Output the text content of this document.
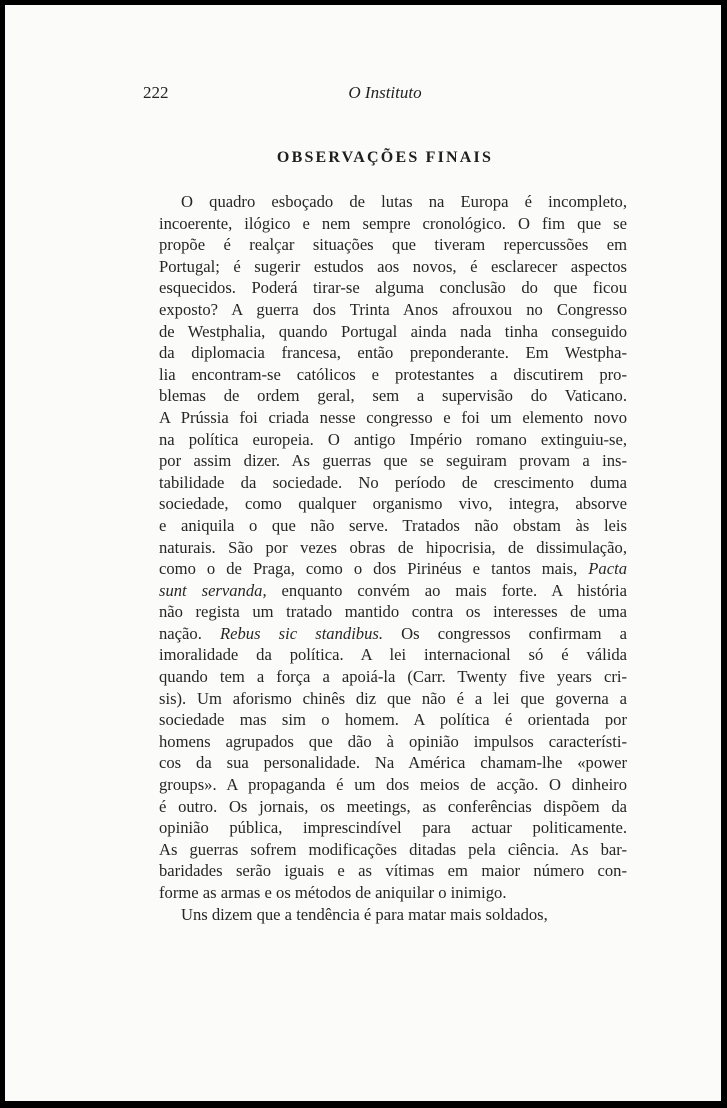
222	O Instituto
OBSERVAÇÕES FINAIS
O quadro esboçado de lutas na Europa é incompleto,
incoerente, ilógico e nem sempre cronológico. O fim que se
propõe é realçar situações que tiveram repercussões em
Portugal; é sugerir estudos aos novos, é esclarecer aspectos
esquecidos. Poderá tirar-se alguma conclusão do que ficou
exposto? A guerra dos Trinta Anos afrouxou no Congresso
de Westphalia, quando Portugal ainda nada tinha conseguido
da diplomacia francesa, então preponderante. Em Westpha-
lia encontram-se católicos e protestantes a discutirem pro-
blemas de ordem geral, sem a supervisão do Vaticano.
A Prússia foi criada nesse congresso e foi um elemento novo
na política europeia. O antigo Império romano extinguiu-se,
por assim dizer. As guerras que se seguiram provam a ins-
tabilidade da sociedade. No período de crescimento duma
sociedade, como qualquer organismo vivo, integra, absorve
e aniquila o que não serve. Tratados não obstam às leis
naturais. São por vezes obras de hipocrisia, de dissimulação,
como o de Praga, como o dos Pirinéus e tantos mais, Pacta
sunt servanda, enquanto convém ao mais forte. A história
não regista um tratado mantido contra os interesses de uma
nação. Rebus sic standibus. Os congressos confirmam a
imoralidade da política. A lei internacional só é válida
quando tem a força a apoiá-la (Carr. Twenty five years cri-
sis). Um aforismo chinês diz que não é a lei que governa a
sociedade mas sim o homem. A política é orientada por
homens agrupados que dão à opinião impulsos característi-
cos da sua personalidade. Na América chamam-lhe «power
groups». A propaganda é um dos meios de acção. O dinheiro
é outro. Os jornais, os meetings, as conferências dispõem da
opinião pública, imprescindível para actuar politicamente.
As guerras sofrem modificações ditadas pela ciência. As bar-
baridades serão iguais e as vítimas em maior número con-
forme as armas e os métodos de aniquilar o inimigo.
Uns dizem que a tendência é para matar mais soldados,
